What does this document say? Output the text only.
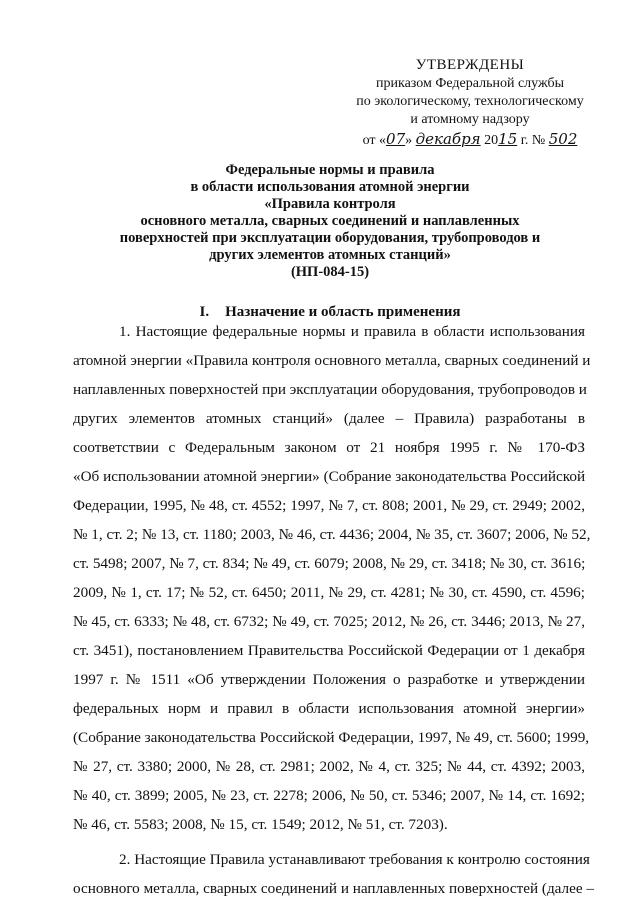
УТВЕРЖДЕНЫ
приказом Федеральной службы
по экологическому, технологическому
и атомному надзору
от «07» декабря 2015 г. № 502
Федеральные нормы и правила
в области использования атомной энергии
«Правила контроля
основного металла, сварных соединений и наплавленных
поверхностей при эксплуатации оборудования, трубопроводов и
других элементов атомных станций»
(НП-084-15)
I. Назначение и область применения
1. Настоящие федеральные нормы и правила в области использования
атомной энергии «Правила контроля основного металла, сварных соединений и
наплавленных поверхностей при эксплуатации оборудования, трубопроводов и
других элементов атомных станций» (далее – Правила) разработаны в
соответствии с Федеральным законом от 21 ноября 1995 г. № 170-ФЗ
«Об использовании атомной энергии» (Собрание законодательства Российской
Федерации, 1995, № 48, ст. 4552; 1997, № 7, ст. 808; 2001, № 29, ст. 2949; 2002,
№ 1, ст. 2; № 13, ст. 1180; 2003, № 46, ст. 4436; 2004, № 35, ст. 3607; 2006, № 52,
ст. 5498; 2007, № 7, ст. 834; № 49, ст. 6079; 2008, № 29, ст. 3418; № 30, ст. 3616;
2009, № 1, ст. 17; № 52, ст. 6450; 2011, № 29, ст. 4281; № 30, ст. 4590, ст. 4596;
№ 45, ст. 6333; № 48, ст. 6732; № 49, ст. 7025; 2012, № 26, ст. 3446; 2013, № 27,
ст. 3451), постановлением Правительства Российской Федерации от 1 декабря
1997 г. № 1511 «Об утверждении Положения о разработке и утверждении
федеральных норм и правил в области использования атомной энергии»
(Собрание законодательства Российской Федерации, 1997, № 49, ст. 5600; 1999,
№ 27, ст. 3380; 2000, № 28, ст. 2981; 2002, № 4, ст. 325; № 44, ст. 4392; 2003,
№ 40, ст. 3899; 2005, № 23, ст. 2278; 2006, № 50, ст. 5346; 2007, № 14, ст. 1692;
№ 46, ст. 5583; 2008, № 15, ст. 1549; 2012, № 51, ст. 7203).
2. Настоящие Правила устанавливают требования к контролю состояния
основного металла, сварных соединений и наплавленных поверхностей (далее –
